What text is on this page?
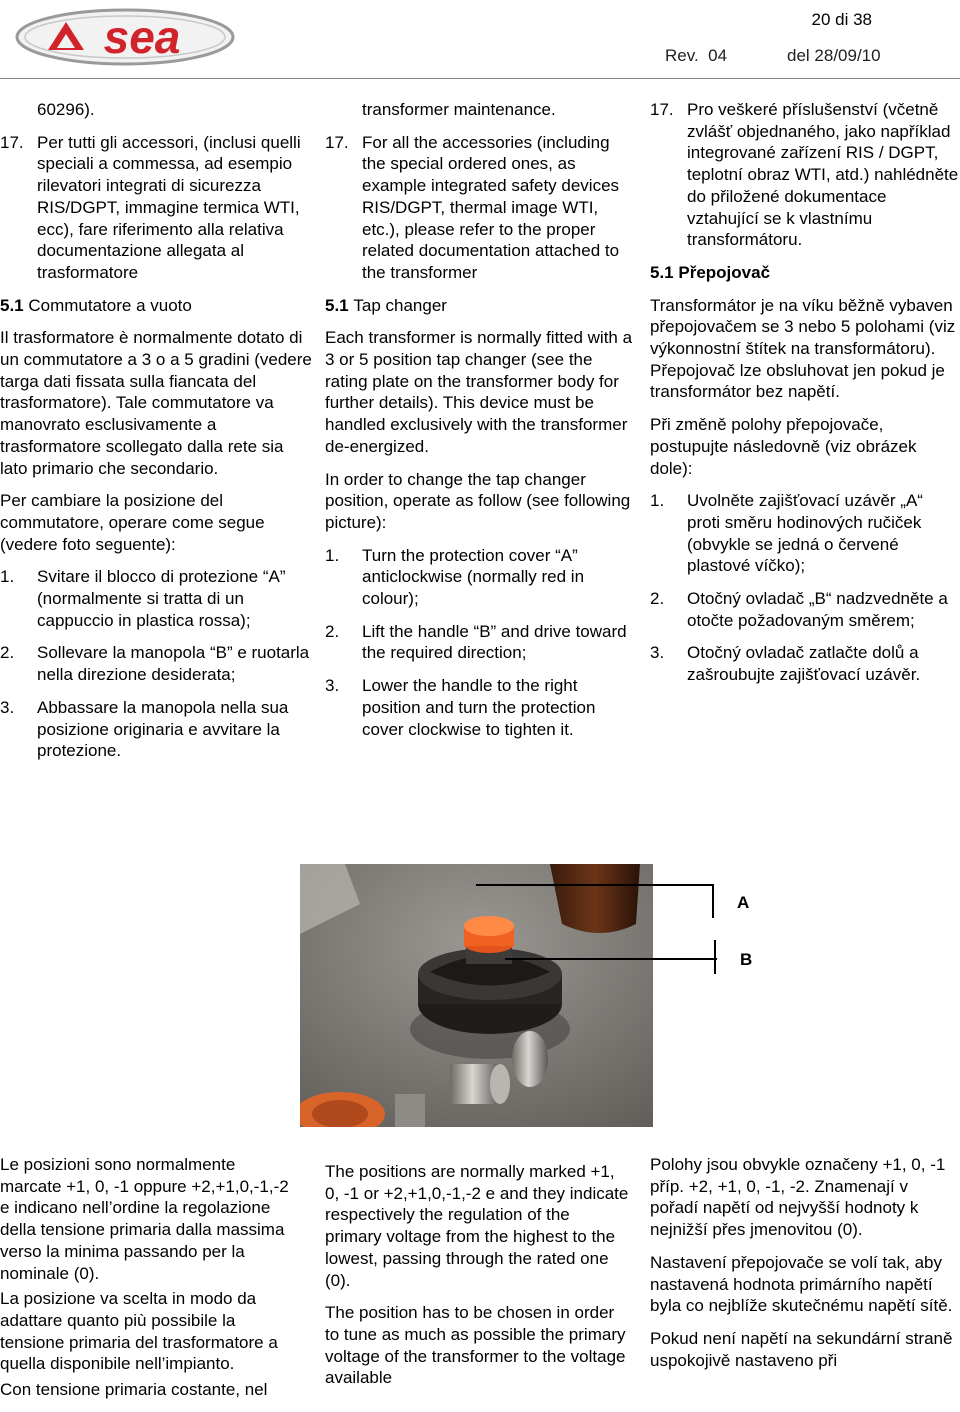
sea	20 di 38
Rev. 04	del 28/09/10

60296).

17. Per tutti gli accessori, (inclusi quelli speciali a commessa, ad esempio rilevatori integrati di sicurezza RIS/DGPT, immagine termica WTI, ecc), fare riferimento alla relativa documentazione allegata al trasformatore

5.1 Commutatore a vuoto

Il trasformatore è normalmente dotato di un commutatore a 3 o a 5 gradini (vedere targa dati fissata sulla fiancata del trasformatore). Tale commutatore va manovrato esclusivamente a trasformatore scollegato dalla rete sia lato primario che secondario.

Per cambiare la posizione del commutatore, operare come segue (vedere foto seguente):

1. Svitare il blocco di protezione “A” (normalmente si tratta di un cappuccio in plastica rossa);
2. Sollevare la manopola “B” e ruotarla nella direzione desiderata;
3. Abbassare la manopola nella sua posizione originaria e avvitare la protezione.

transformer maintenance.

17. For all the accessories (including the special ordered ones, as example integrated safety devices RIS/DGPT, thermal image WTI, etc.), please refer to the proper related documentation attached to the transformer

5.1 Tap changer

Each transformer is normally fitted with a 3 or 5 position tap changer (see the rating plate on the transformer body for further details). This device must be handled exclusively with the transformer de-energized.

In order to change the tap changer position, operate as follow (see following picture):

1. Turn the protection cover “A” anticlockwise (normally red in colour);
2. Lift the handle “B” and drive toward the required direction;
3. Lower the handle to the right position and turn the protection cover clockwise to tighten it.
17. Pro veškeré příslušenství (včetně zvlášť objednaného, jako například integrované zařízení RIS / DGPT, teplotní obraz WTI, atd.) nahlédněte do přiložené dokumentace vztahující se k vlastnímu transformátoru.

5.1 Přepojovač

Transformátor je na víku běžně vybaven přepojovačem se 3 nebo 5 polohami (viz výkonnostní štítek na transformátoru). Přepojovač lze obsluhovat jen pokud je transformátor bez napětí.

Při změně polohy přepojovače, postupujte následovně (viz obrázek dole):

1. Uvolněte zajišťovací uzávěr „A“ proti směru hodinových ručiček (obvykle se jedná o červené plastové víčko);
2. Otočný ovladač „B“ nadzvedněte a otočte požadovaným směrem;
3. Otočný ovladač zatlačte dolů a zašroubujte zajišťovací uzávěr.
A
B

Le posizioni sono normalmente marcate +1, 0, -1 oppure +2,+1,0,-1,-2 e indicano nell’ordine la regolazione della tensione primaria dalla massima verso la minima passando per la nominale (0).

La posizione va scelta in modo da adattare quanto più possibile la tensione primaria del trasformatore a quella disponibile nell’impianto.

Con tensione primaria costante, nel

The positions are normally marked +1, 0, -1 or +2,+1,0,-1,-2 e and they indicate respectively the regulation of the primary voltage from the highest to the lowest, passing through the rated one (0).

The position has to be chosen in order to tune as much as possible the primary voltage of the transformer to the voltage available

Polohy jsou obvykle označeny +1, 0, -1 příp. +2, +1, 0, -1, -2. Znamenají v pořadí napětí od nejvyšší hodnoty k nejnižší přes jmenovitou (0).

Nastavení přepojovače se volí tak, aby nastavená hodnota primárního napětí byla co nejblíže skutečnému napětí sítě.

Pokud není napětí na sekundární straně uspokojivě nastaveno při
